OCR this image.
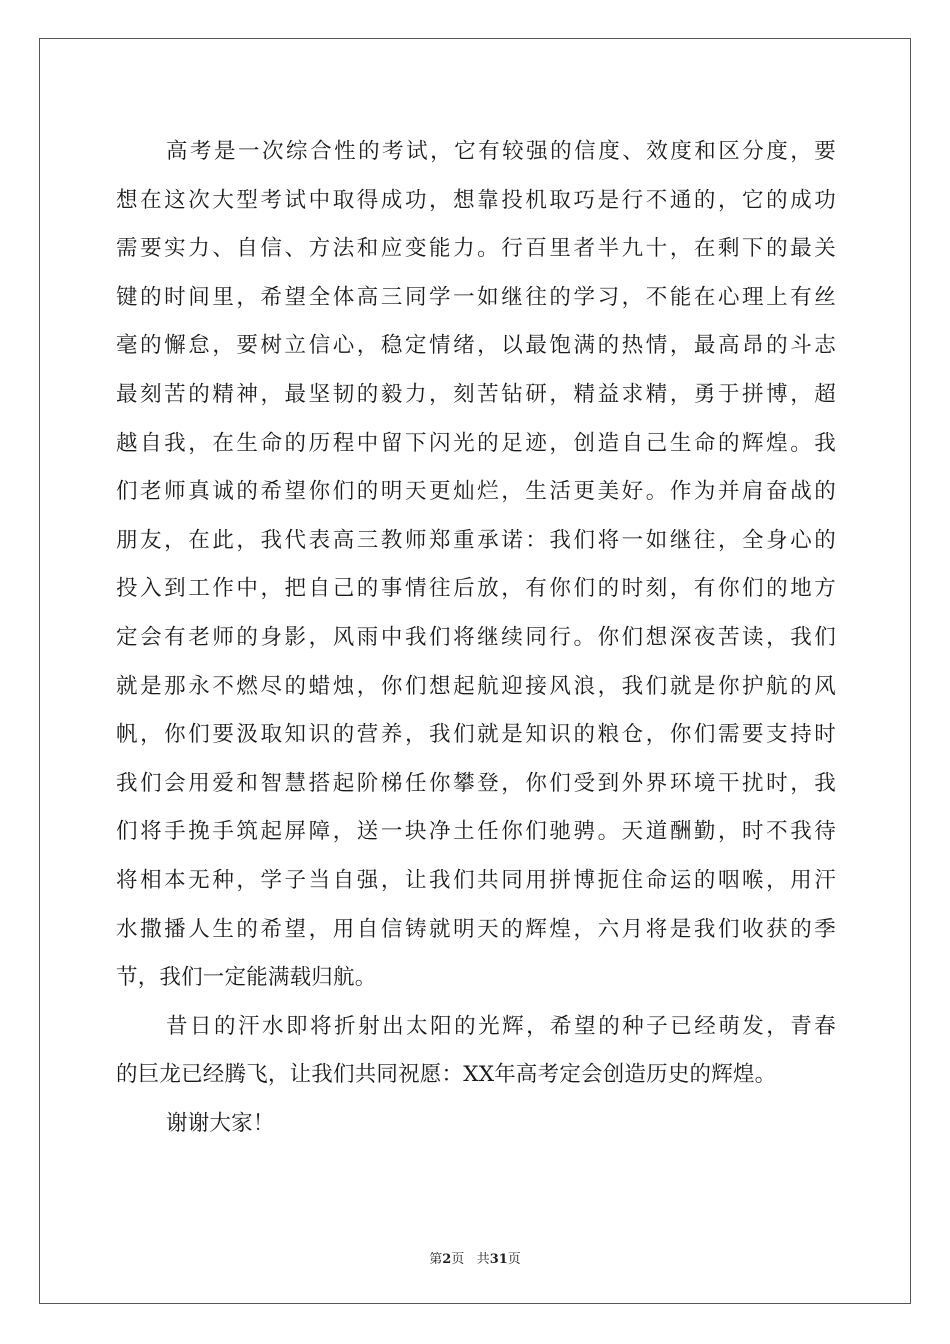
高考是一次综合性的考试，它有较强的信度、效度和区分度，要
想在这次大型考试中取得成功，想靠投机取巧是行不通的，它的成功
需要实力、自信、方法和应变能力。行百里者半九十，在剩下的最关
键的时间里，希望全体高三同学一如继往的学习，不能在心理上有丝
毫的懈怠，要树立信心，稳定情绪，以最饱满的热情，最高昂的斗志
最刻苦的精神，最坚韧的毅力，刻苦钻研，精益求精，勇于拼博，超
越自我，在生命的历程中留下闪光的足迹，创造自己生命的辉煌。我
们老师真诚的希望你们的明天更灿烂，生活更美好。作为并肩奋战的
朋友，在此，我代表高三教师郑重承诺：我们将一如继往，全身心的
投入到工作中，把自己的事情往后放，有你们的时刻，有你们的地方
定会有老师的身影，风雨中我们将继续同行。你们想深夜苦读，我们
就是那永不燃尽的蜡烛，你们想起航迎接风浪，我们就是你护航的风
帆，你们要汲取知识的营养，我们就是知识的粮仓，你们需要支持时
我们会用爱和智慧搭起阶梯任你攀登，你们受到外界环境干扰时，我
们将手挽手筑起屏障，送一块净土任你们驰骋。天道酬勤，时不我待
将相本无种，学子当自强，让我们共同用拼博扼住命运的咽喉，用汗
水撒播人生的希望，用自信铸就明天的辉煌，六月将是我们收获的季
节，我们一定能满载归航。
昔日的汗水即将折射出太阳的光辉，希望的种子已经萌发，青春
的巨龙已经腾飞，让我们共同祝愿：XX年高考定会创造历史的辉煌。
谢谢大家！
第2页 共31页
